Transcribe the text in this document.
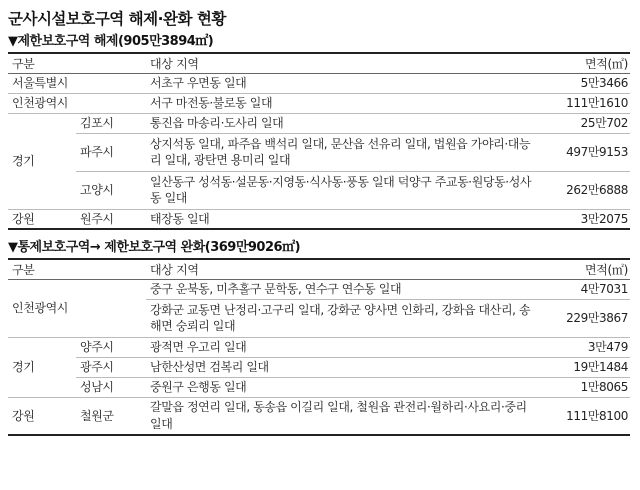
군사시설보호구역 해제·완화 현황
▼제한보호구역 해제(905만3894㎡)
구분		대상 지역	면적(㎡)
서울특별시		서초구 우면동 일대	5만3466
인천광역시		서구 마전동·불로동 일대	111만1610
경기	김포시	통진읍 마송리·도사리 일대	25만702
	파주시	상지석동 일대, 파주읍 백석리 일대, 문산읍 선유리 일대, 법원읍 가야리·대능리 일대, 광탄면 용미리 일대	497만9153
	고양시	일산동구 성석동·설문동·지영동·식사동·풍동 일대 덕양구 주교동·원당동·성사동 일대	262만6888
강원	원주시	태장동 일대	3만2075
▼통제보호구역→ 제한보호구역 완화(369만9026㎡)
구분		대상 지역	면적(㎡)
인천광역시		중구 운북동, 미추홀구 문학동, 연수구 연수동 일대	4만7031
		강화군 교동면 난정리·고구리 일대, 강화군 양사면 인화리, 강화읍 대산리, 송해면 숭뢰리 일대	229만3867
경기	양주시	광적면 우고리 일대	3만479
	광주시	남한산성면 검복리 일대	19만1484
	성남시	중원구 은행동 일대	1만8065
강원	철원군	갈말읍 정연리 일대, 동송읍 이길리 일대, 철원읍 관전리·월하리·사요리·중리 일대	111만8100
